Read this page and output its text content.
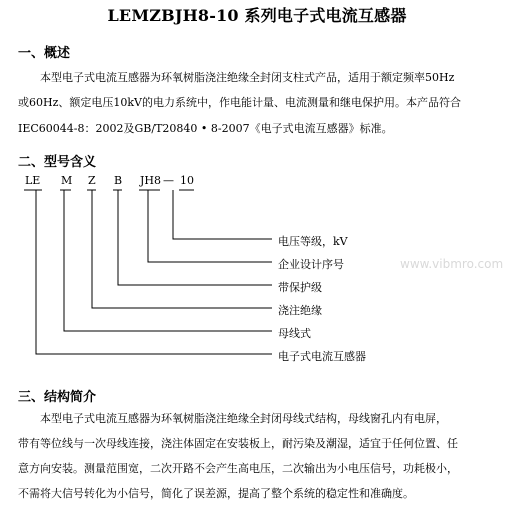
LEMZBJH8-10 系列电子式电流互感器
一、概述
本型电子式电流互感器为环氧树脂浇注绝缘全封闭支柱式产品，适用于额定频率50Hz
或60Hz、额定电压10kV的电力系统中，作电能计量、电流测量和继电保护用。本产品符合
IEC60044-8：2002及GB/T20840 • 8-2007《电子式电流互感器》标准。
二、型号含义
LE M Z B JH8 — 10
电压等级，kV
企业设计序号
带保护级
浇注绝缘
母线式
电子式电流互感器
www.vibmro.com
三、结构简介
本型电子式电流互感器为环氧树脂浇注绝缘全封闭母线式结构，母线窗孔内有电屏，
带有等位线与一次母线连接，浇注体固定在安装板上，耐污染及潮湿，适宜于任何位置、任
意方向安装。测量范围宽，二次开路不会产生高电压，二次输出为小电压信号，功耗极小，
不需将大信号转化为小信号，简化了误差源，提高了整个系统的稳定性和准确度。
